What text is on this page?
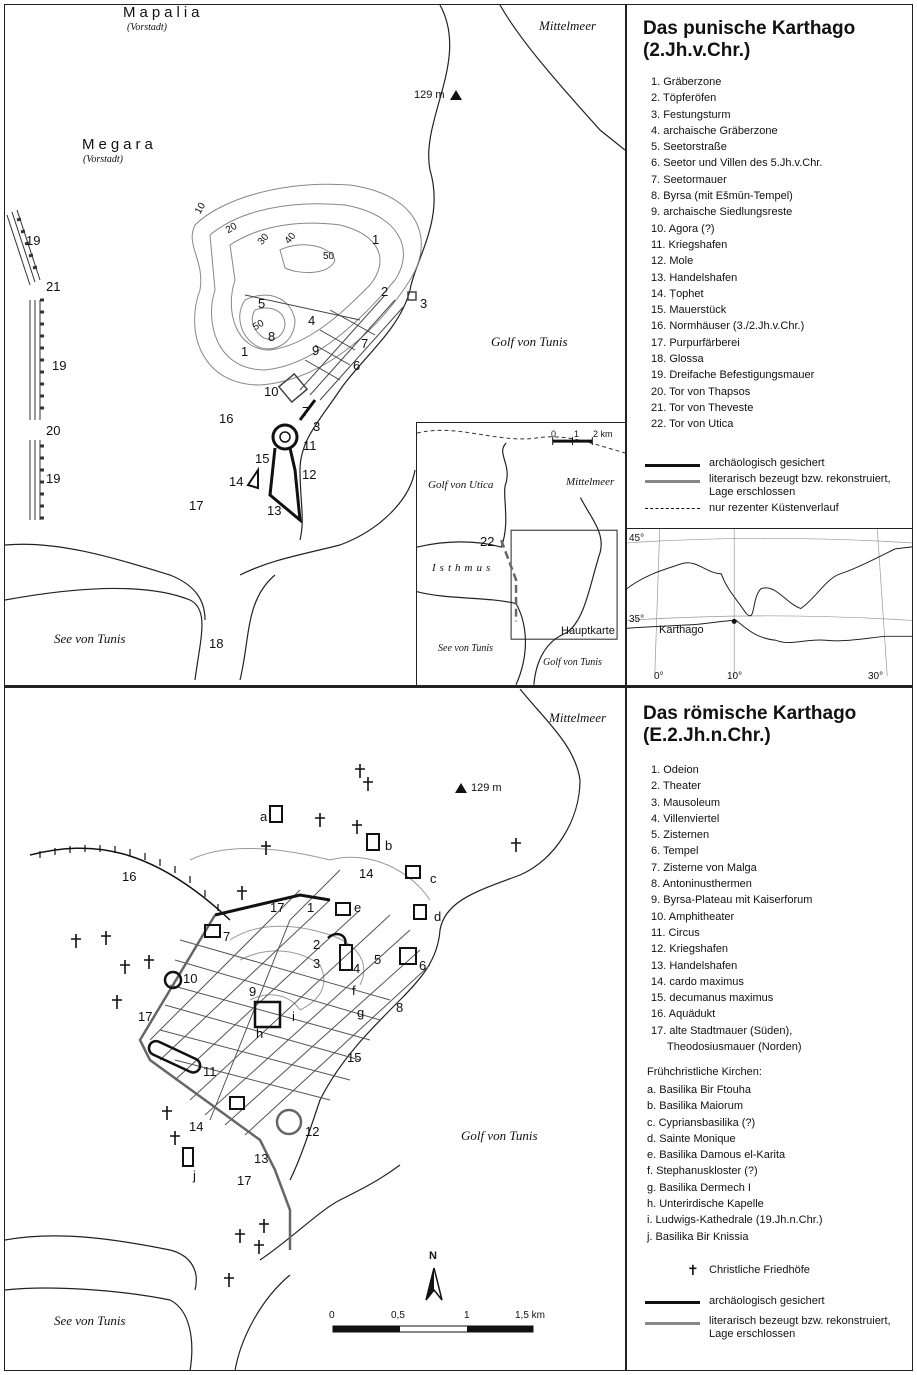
Mapalia
(Vorstadt)
Megara
(Vorstadt)
Mittelmeer
129 m
Golf von Tunis
See von Tunis
10
20
30 40
50
50
1
2
3
4
5
8
9	7
6
1
10
16	7
3
11
15
12
14
13
17
18
19
21
19
20
19
0 1 2 km
Golf von Utica	Mittelmeer
Isthmus
See von Tunis
Golf von Tunis
Hauptkarte
22
Das punische Karthago
(2.Jh.v.Chr.)
1. Gräberzone
2. Töpferöfen
3. Festungsturm
4. archaische Gräberzone
5. Seetorstraße
6. Seetor und Villen des 5.Jh.v.Chr.
7. Seetormauer
8. Byrsa (mit Ešmūn-Tempel)
9. archaische Siedlungsreste
10. Agora (?)
11. Kriegshafen
12. Mole
13. Handelshafen
14. Ṭophet
15. Mauerstück
16. Normhäuser (3./2.Jh.v.Chr.)
17. Purpurfärberei
18. Glossa
19. Dreifache Befestigungsmauer
20. Tor von Thapsos
21. Tor von Theveste
22. Tor von Utica
archäologisch gesichert
literarisch bezeugt bzw. rekonstruiert, Lage erschlossen
nur rezenter Küstenverlauf
Karthago
45°
35°
0°	10°	30°
Mittelmeer
129 m
Golf von Tunis
See von Tunis
N
16	14
17 1
7
2
3	4
5	6
10
9
8
17
11
15
14	12
13
17
a
b
c
d
e
f
g
h
i
j
0	0,5	1	1,5 km
Das römische Karthago
(E.2.Jh.n.Chr.)
1. Odeion
2. Theater
3. Mausoleum
4. Villenviertel
5. Zisternen
6. Tempel
7. Zisterne von Malga
8. Antoninusthermen
9. Byrsa-Plateau mit Kaiserforum
10. Amphitheater
11. Circus
12. Kriegshafen
13. Handelshafen
14. cardo maximus
15. decumanus maximus
16. Aquädukt
17. alte Stadtmauer (Süden),
Theodosiusmauer (Norden)
Frühchristliche Kirchen:
a. Basilika Bir Ftouha
b. Basilika Maiorum
c. Cypriansbasilika (?)
d. Sainte Monique
e. Basilika Damous el-Karita
f. Stephanuskloster (?)
g. Basilika Dermech I
h. Unterirdische Kapelle
i. Ludwigs-Kathedrale (19.Jh.n.Chr.)
j. Basilika Bir Knissia
✝ Christliche Friedhöfe
archäologisch gesichert
literarisch bezeugt bzw. rekonstruiert, Lage erschlossen
